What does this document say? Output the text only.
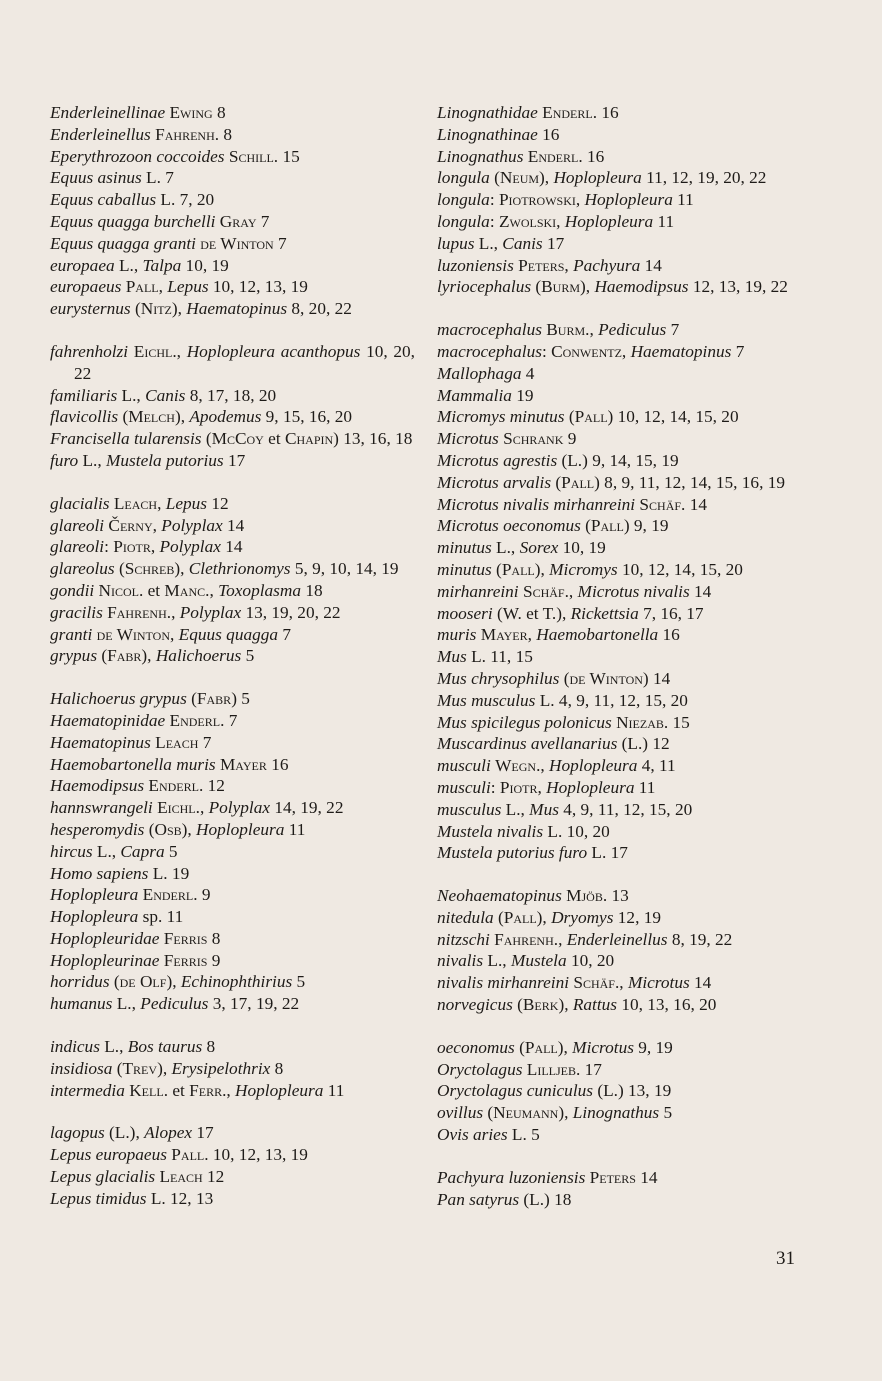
Enderleinellinae Ewing 8
Enderleinellus Fahrenh. 8
Eperythrozoon coccoides Schill. 15
Equus asinus L. 7
Equus caballus L. 7, 20
Equus quagga burchelli Gray 7
Equus quagga granti de Winton 7
europaea L., Talpa 10, 19
europaeus Pall, Lepus 10, 12, 13, 19
eurysternus (Nitz), Haematopinus 8, 20, 22
fahrenholzi Eichl., Hoplopleura acanthopus 10, 20, 22
familiaris L., Canis 8, 17, 18, 20
flavicollis (Melch), Apodemus 9, 15, 16, 20
Francisella tularensis (McCoy et Chapin) 13, 16, 18
furo L., Mustela putorius 17
glacialis Leach, Lepus 12
glareoli Černy, Polyplax 14
glareoli: Piotr, Polyplax 14
glareolus (Schreb), Clethrionomys 5, 9, 10, 14, 19
gondii Nicol. et Manc., Toxoplasma 18
gracilis Fahrenh., Polyplax 13, 19, 20, 22
granti de Winton, Equus quagga 7
grypus (Fabr), Halichoerus 5
Halichoerus grypus (Fabr) 5
Haematopinidae Enderl. 7
Haematopinus Leach 7
Haemobartonella muris Mayer 16
Haemodipsus Enderl. 12
hannswrangeli Eichl., Polyplax 14, 19, 22
hesperomydis (Osb), Hoplopleura 11
hircus L., Capra 5
Homo sapiens L. 19
Hoplopleura Enderl. 9
Hoplopleura sp. 11
Hoplopleuridae Ferris 8
Hoplopleurinae Ferris 9
horridus (de Olf), Echinophthirius 5
humanus L., Pediculus 3, 17, 19, 22
indicus L., Bos taurus 8
insidiosa (Trev), Erysipelothrix 8
intermedia Kell. et Ferr., Hoplopleura 11
lagopus (L.), Alopex 17
Lepus europaeus Pall. 10, 12, 13, 19
Lepus glacialis Leach 12
Lepus timidus L. 12, 13
Linognathidae Enderl. 16
Linognathinae 16
Linognathus Enderl. 16
longula (Neum), Hoplopleura 11, 12, 19, 20, 22
longula: Piotrowski, Hoplopleura 11
longula: Zwolski, Hoplopleura 11
lupus L., Canis 17
luzoniensis Peters, Pachyura 14
lyriocephalus (Burm), Haemodipsus 12, 13, 19, 22
macrocephalus Burm., Pediculus 7
macrocephalus: Conwentz, Haematopinus 7
Mallophaga 4
Mammalia 19
Micromys minutus (Pall) 10, 12, 14, 15, 20
Microtus Schrank 9
Microtus agrestis (L.) 9, 14, 15, 19
Microtus arvalis (Pall) 8, 9, 11, 12, 14, 15, 16, 19
Microtus nivalis mirhanreini Schäf. 14
Microtus oeconomus (Pall) 9, 19
minutus L., Sorex 10, 19
minutus (Pall), Micromys 10, 12, 14, 15, 20
mirhanreini Schäf., Microtus nivalis 14
mooseri (W. et T.), Rickettsia 7, 16, 17
muris Mayer, Haemobartonella 16
Mus L. 11, 15
Mus chrysophilus (de Winton) 14
Mus musculus L. 4, 9, 11, 12, 15, 20
Mus spicilegus polonicus Niezab. 15
Muscardinus avellanarius (L.) 12
musculi Wegn., Hoplopleura 4, 11
musculi: Piotr, Hoplopleura 11
musculus L., Mus 4, 9, 11, 12, 15, 20
Mustela nivalis L. 10, 20
Mustela putorius furo L. 17
Neohaematopinus Mjöb. 13
nitedula (Pall), Dryomys 12, 19
nitzschi Fahrenh., Enderleinellus 8, 19, 22
nivalis L., Mustela 10, 20
nivalis mirhanreini Schäf., Microtus 14
norvegicus (Berk), Rattus 10, 13, 16, 20
oeconomus (Pall), Microtus 9, 19
Oryctolagus Lilljeb. 17
Oryctolagus cuniculus (L.) 13, 19
ovillus (Neumann), Linognathus 5
Ovis aries L. 5
Pachyura luzoniensis Peters 14
Pan satyrus (L.) 18
31
